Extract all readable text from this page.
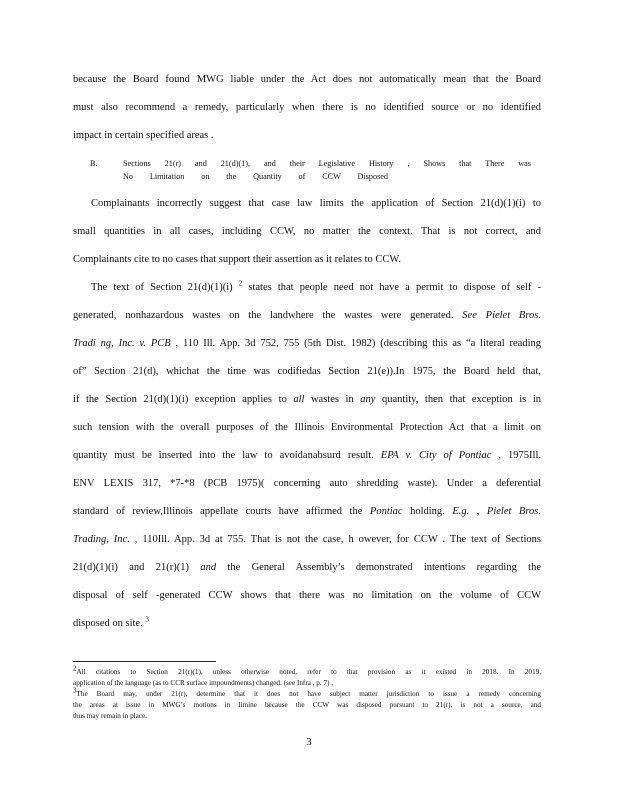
because the Board found MWG liable under the Act does not automatically mean that the Board
must also recommend a remedy, particularly when there is no identified source or no identified
impact in certain specified areas .
B.	Sections 21(r) and 21(d)(1), and their Legislative History , Shows that There was
No Limitation on the Quantity of CCW Disposed
Complainants incorrectly suggest that case law limits the application of Section 21(d)(1)(i) to
small quantities in all cases, including CCW, no matter the context. That is not correct, and
Complainants cite to no cases that support their assertion as it relates to CCW.
The text of Section 21(d)(1)(i) $^2$ states that people need not have a permit to dispose of self -
generated, nonhazardous wastes on the landwhere the wastes were generated. See Pielet Bros.
Tradi ng, Inc. v. PCB , 110 Ill. App. 3d 752, 755 (5th Dist. 1982) (describing this as “a literal reading
of” Section 21(d), whichat the time was codifiedas Section 21(e)).In 1975, the Board held that,
if the Section 21(d)(1)(i) exception applies to all wastes in any quantity, then that exception is in
such tension with the overall purposes of the Illinois Environmental Protection Act that a limit on
quantity must be inserted into the law to avoidanabsurd result. EPA v. City of Pontiac , 1975Ill.
ENV LEXIS 317, *7-*8 (PCB 1975)( concerning auto shredding waste). Under a deferential
standard of review,Illinois appellate courts have affirmed the Pontiac holding. E.g. , Pielet Bros.
Trading, Inc. , 110Ill. App. 3d at 755. That is not the case, h owever, for CCW . The text of Sections
21(d)(1)(i) and 21(r)(1) and the General Assembly’s demonstrated intentions regarding the
disposal of self -generated CCW shows that there was no limitation on the volume of CCW
disposed on site. $^3$
$^2$All citations to Section 21(r)(1), unless otherwise noted, refer to that provision as it existed in 2018. In 2019,
application of the language (as to CCR surface impoundments) changed. (see Infra , p. 7) .
$^3$The Board may, under 21(r), determine that it does not have subject matter jurisdiction to issue a remedy concerning
the areas at issue in MWG’s motions in limine because the CCW was disposed pursuant to 21(r), is not a source, and
thus may remain in place.
3
